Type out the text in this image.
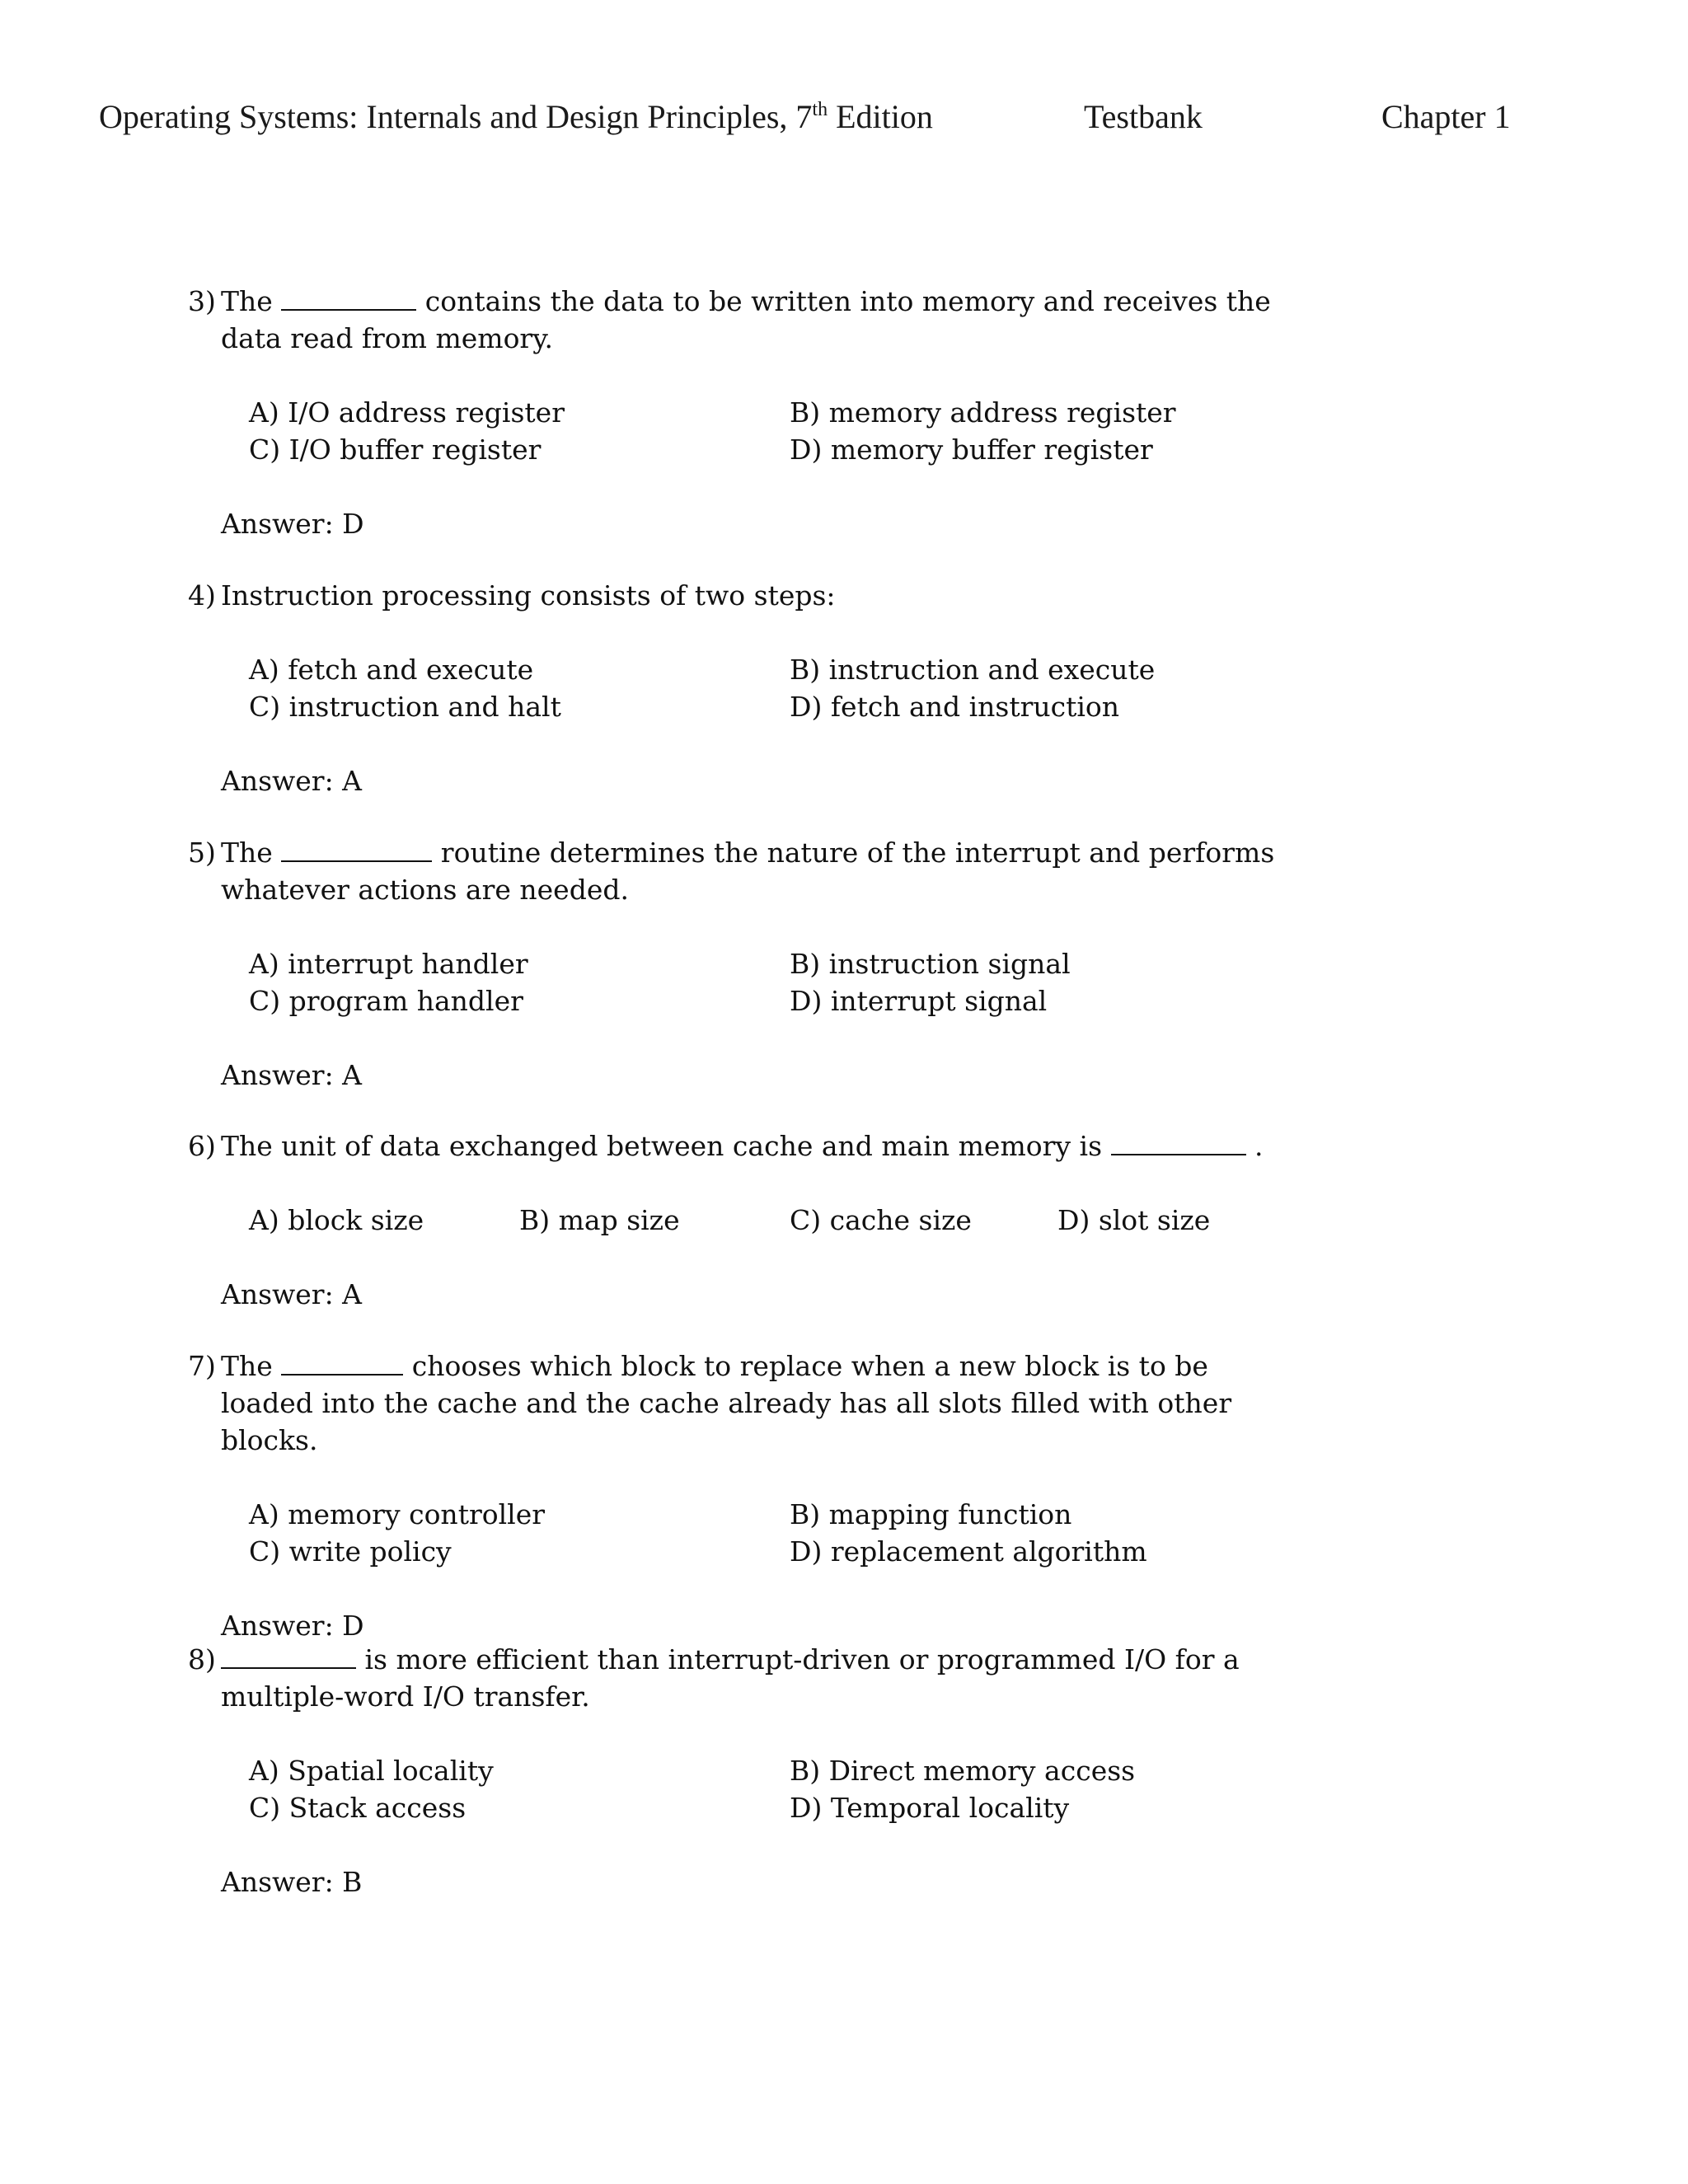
Operating Systems: Internals and Design Principles, 7th Edition	Testbank	Chapter 1
3) The	contains the data to be written into memory and receives the data read from memory.
A) I/O address register	B) memory address register
C) I/O buffer register	D) memory buffer register
Answer: D
4) Instruction processing consists of two steps:
A) fetch and execute	B) instruction and execute
C) instruction and halt	D) fetch and instruction
Answer: A
5) The	routine determines the nature of the interrupt and performs whatever actions are needed.
A) interrupt handler	B) instruction signal
C) program handler	D) interrupt signal
Answer: A
6) The unit of data exchanged between cache and main memory is	.
A) block size	B) map size	C) cache size	D) slot size
Answer: A
7) The	chooses which block to replace when a new block is to be loaded into the cache and the cache already has all slots filled with other blocks.
A) memory controller	B) mapping function
C) write policy	D) replacement algorithm
Answer: D
8)	is more efficient than interrupt-driven or programmed I/O for a multiple-word I/O transfer.
A) Spatial locality	B) Direct memory access
C) Stack access	D) Temporal locality
Answer: B
